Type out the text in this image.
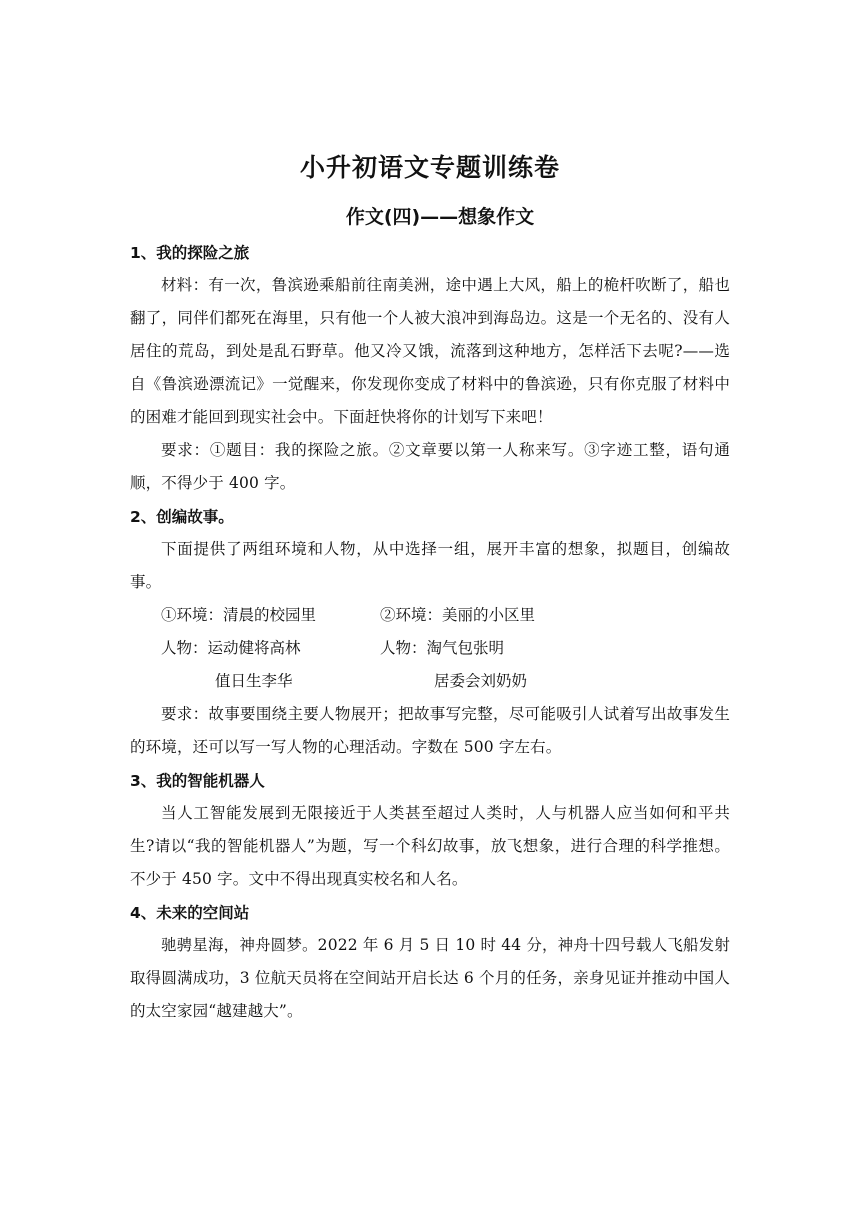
小升初语文专题训练卷
作文(四)——想象作文
1、我的探险之旅
材料：有一次，鲁滨逊乘船前往南美洲，途中遇上大风，船上的桅杆吹断了，船也翻了，同伴们都死在海里，只有他一个人被大浪冲到海岛边。这是一个无名的、没有人居住的荒岛，到处是乱石野草。他又冷又饿，流落到这种地方，怎样活下去呢?——选自《鲁滨逊漂流记》一觉醒来，你发现你变成了材料中的鲁滨逊，只有你克服了材料中的困难才能回到现实社会中。下面赶快将你的计划写下来吧！
要求：①题目：我的探险之旅。②文章要以第一人称来写。③字迹工整，语句通顺，不得少于 400 字。
2、创编故事。
下面提供了两组环境和人物，从中选择一组，展开丰富的想象，拟题目，创编故事。
①环境：清晨的校园里	②环境：美丽的小区里
人物：运动健将高林	人物：淘气包张明
值日生李华	居委会刘奶奶
要求：故事要围绕主要人物展开；把故事写完整，尽可能吸引人试着写出故事发生的环境，还可以写一写人物的心理活动。字数在 500 字左右。
3、我的智能机器人
当人工智能发展到无限接近于人类甚至超过人类时，人与机器人应当如何和平共生?请以“我的智能机器人”为题，写一个科幻故事，放飞想象，进行合理的科学推想。不少于 450 字。文中不得出现真实校名和人名。
4、未来的空间站
驰骋星海，神舟圆梦。2022 年 6 月 5 日 10 时 44 分，神舟十四号载人飞船发射取得圆满成功，3 位航天员将在空间站开启长达 6 个月的任务，亲身见证并推动中国人的太空家园“越建越大”。
